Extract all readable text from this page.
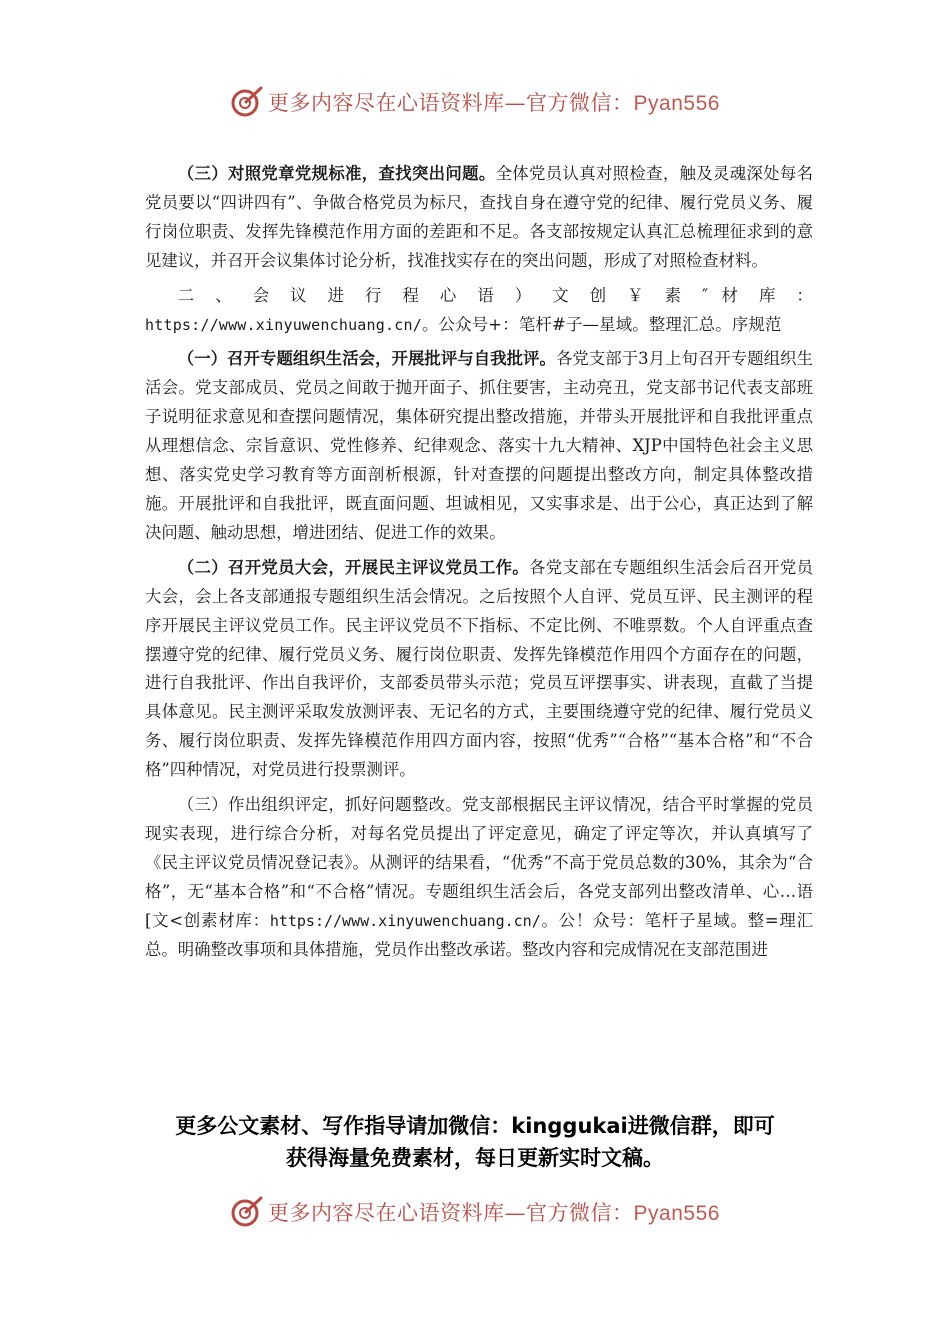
更多内容尽在心语资料库—官方微信：Pyan556

（三）对照党章党规标准，查找突出问题。全体党员认真对照检查，触及灵魂深处每名党员要以“四讲四有”、争做合格党员为标尺，查找自身在遵守党的纪律、履行党员义务、履行岗位职责、发挥先锋模范作用方面的差距和不足。各支部按规定认真汇总梳理征求到的意见建议，并召开会议集体讨论分析，找准找实存在的突出问题，形成了对照检查材料。

二 、 会 议 进 行 程 心 语 ） 文 创 ￥ 素 ″ 材 库 ： https://www.xinyuwenchuang.cn/。公众号+：笔杆#子—星域。整理汇总。序规范

（一）召开专题组织生活会，开展批评与自我批评。各党支部于3月上旬召开专题组织生活会。党支部成员、党员之间敢于抛开面子、抓住要害，主动亮丑，党支部书记代表支部班子说明征求意见和查摆问题情况，集体研究提出整改措施，并带头开展批评和自我批评重点从理想信念、宗旨意识、党性修养、纪律观念、落实十九大精神、XJP中国特色社会主义思想、落实党史学习教育等方面剖析根源，针对查摆的问题提出整改方向，制定具体整改措施。开展批评和自我批评，既直面问题、坦诚相见，又实事求是、出于公心，真正达到了解决问题、触动思想，增进团结、促进工作的效果。

（二）召开党员大会，开展民主评议党员工作。各党支部在专题组织生活会后召开党员大会，会上各支部通报专题组织生活会情况。之后按照个人自评、党员互评、民主测评的程序开展民主评议党员工作。民主评议党员不下指标、不定比例、不唯票数。个人自评重点查摆遵守党的纪律、履行党员义务、履行岗位职责、发挥先锋模范作用四个方面存在的问题，进行自我批评、作出自我评价，支部委员带头示范；党员互评摆事实、讲表现，直截了当提具体意见。民主测评采取发放测评表、无记名的方式，主要围绕遵守党的纪律、履行党员义务、履行岗位职责、发挥先锋模范作用四方面内容，按照“优秀”“合格”“基本合格”和“不合格”四种情况，对党员进行投票测评。

（三）作出组织评定，抓好问题整改。党支部根据民主评议情况，结合平时掌握的党员现实表现，进行综合分析，对每名党员提出了评定意见，确定了评定等次，并认真填写了《民主评议党员情况登记表》。从测评的结果看，“优秀”不高于党员总数的30%，其余为“合格”，无“基本合格”和“不合格”情况。专题组织生活会后，各党支部列出整改清单、心…语[文<创素材库：https://www.xinyuwenchuang.cn/。公！众号：笔杆子星域。整=理汇总。明确整改事项和具体措施，党员作出整改承诺。整改内容和完成情况在支部范围进

更多公文素材、写作指导请加微信：kinggukai进微信群，即可
获得海量免费素材，每日更新实时文稿。
更多内容尽在心语资料库—官方微信：Pyan556
